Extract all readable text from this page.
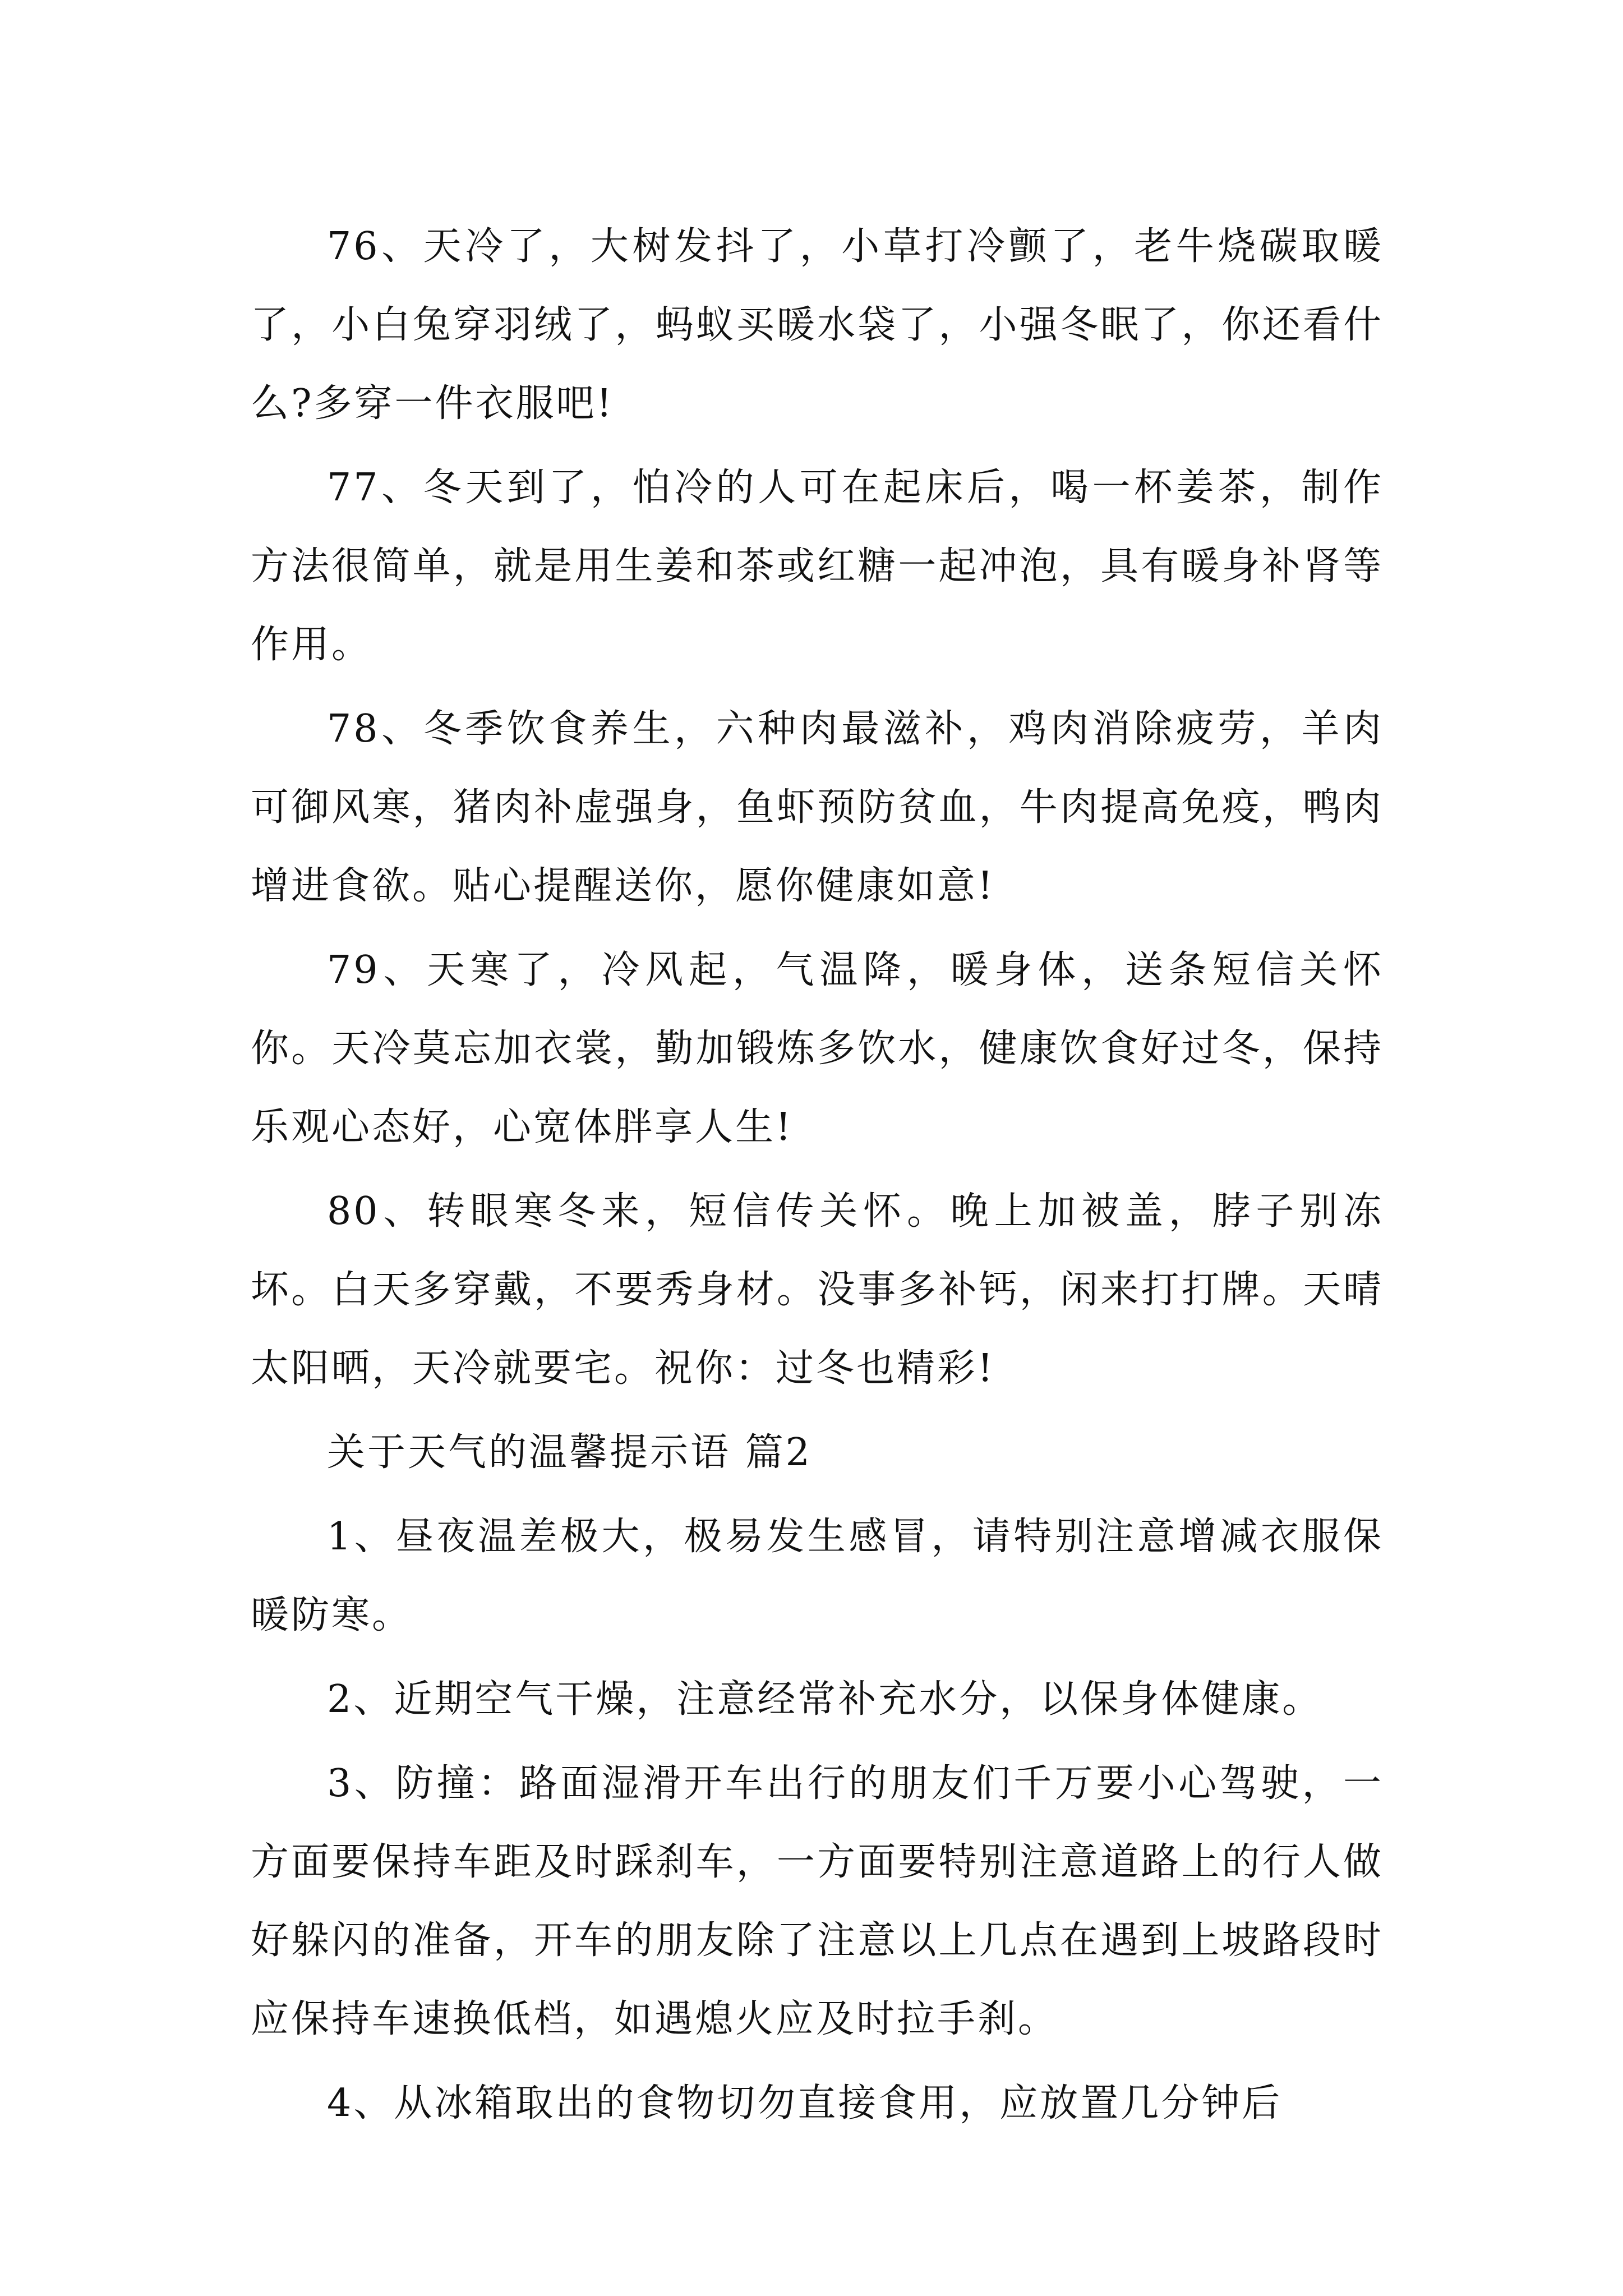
76、天冷了，大树发抖了，小草打冷颤了，老牛烧碳取暖了，小白兔穿羽绒了，蚂蚁买暖水袋了，小强冬眠了，你还看什么?多穿一件衣服吧!

77、冬天到了，怕冷的人可在起床后，喝一杯姜茶，制作方法很简单，就是用生姜和茶或红糖一起冲泡，具有暖身补肾等作用。

78、冬季饮食养生，六种肉最滋补，鸡肉消除疲劳，羊肉可御风寒，猪肉补虚强身，鱼虾预防贫血，牛肉提高免疫，鸭肉增进食欲。贴心提醒送你，愿你健康如意!

79、天寒了，冷风起，气温降，暖身体，送条短信关怀你。天冷莫忘加衣裳，勤加锻炼多饮水，健康饮食好过冬，保持乐观心态好，心宽体胖享人生!

80、转眼寒冬来，短信传关怀。晚上加被盖，脖子别冻坏。白天多穿戴，不要秀身材。没事多补钙，闲来打打牌。天晴太阳晒，天冷就要宅。祝你：过冬也精彩!

关于天气的温馨提示语 篇2

1、昼夜温差极大，极易发生感冒，请特别注意增减衣服保暖防寒。

2、近期空气干燥，注意经常补充水分，以保身体健康。

3、防撞：路面湿滑开车出行的朋友们千万要小心驾驶，一方面要保持车距及时踩刹车，一方面要特别注意道路上的行人做好躲闪的准备，开车的朋友除了注意以上几点在遇到上坡路段时应保持车速换低档，如遇熄火应及时拉手刹。

4、从冰箱取出的食物切勿直接食用，应放置几分钟后
